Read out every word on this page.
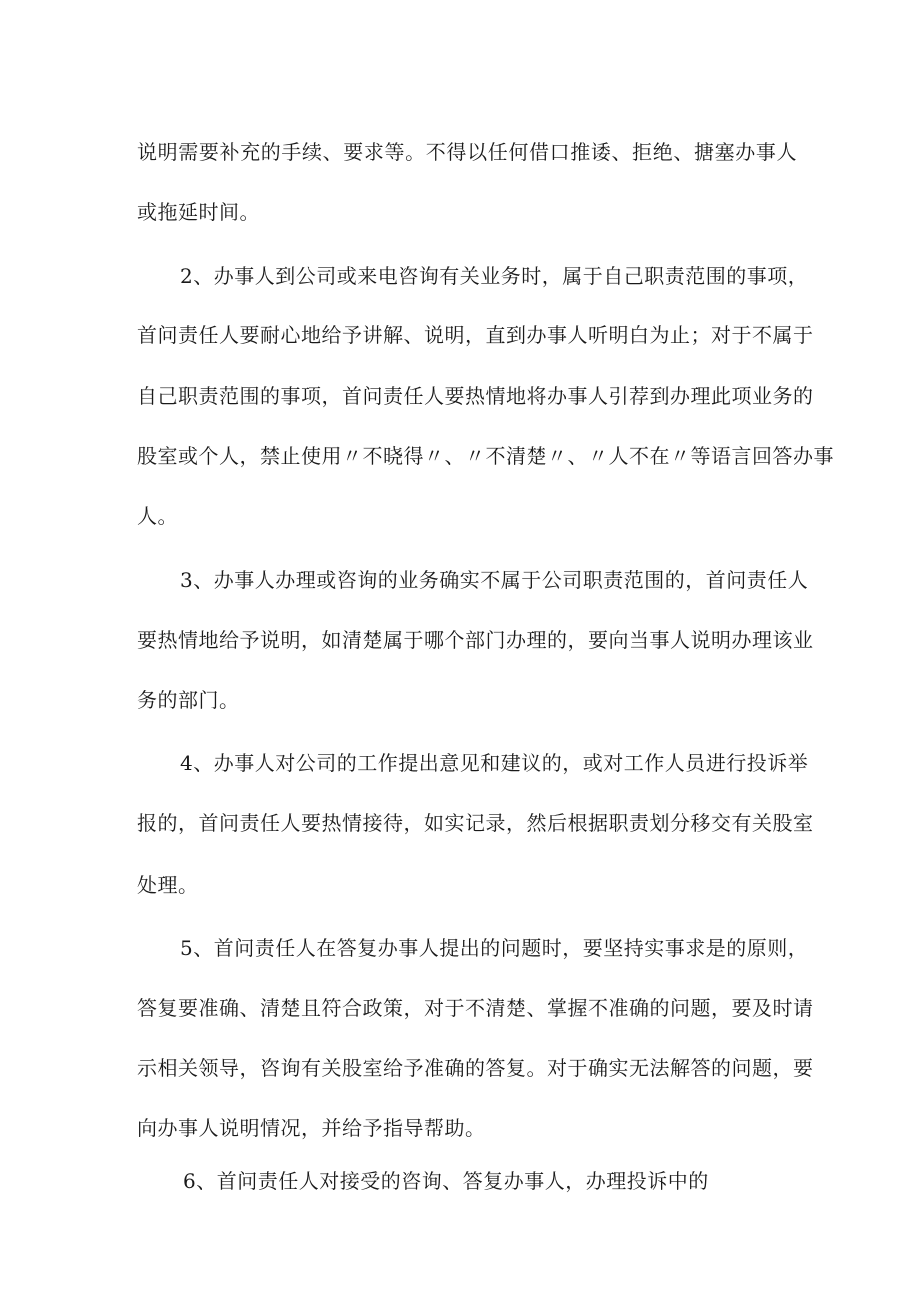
说明需要补充的手续、要求等。不得以任何借口推诿、拒绝、搪塞办事人
或拖延时间。
2、办事人到公司或来电咨询有关业务时，属于自己职责范围的事项，
首问责任人要耐心地给予讲解、说明，直到办事人听明白为止；对于不属于
自己职责范围的事项，首问责任人要热情地将办事人引荐到办理此项业务的
股室或个人，禁止使用〃不晓得〃、〃不清楚〃、〃人不在〃等语言回答办事
人。
3、办事人办理或咨询的业务确实不属于公司职责范围的，首问责任人
要热情地给予说明，如清楚属于哪个部门办理的，要向当事人说明办理该业
务的部门。
4、办事人对公司的工作提出意见和建议的，或对工作人员进行投诉举
报的，首问责任人要热情接待，如实记录，然后根据职责划分移交有关股室
处理。
5、首问责任人在答复办事人提出的问题时，要坚持实事求是的原则，
答复要准确、清楚且符合政策，对于不清楚、掌握不准确的问题，要及时请
示相关领导，咨询有关股室给予准确的答复。对于确实无法解答的问题，要
向办事人说明情况，并给予指导帮助。
6、首问责任人对接受的咨询、答复办事人，办理投诉中的
